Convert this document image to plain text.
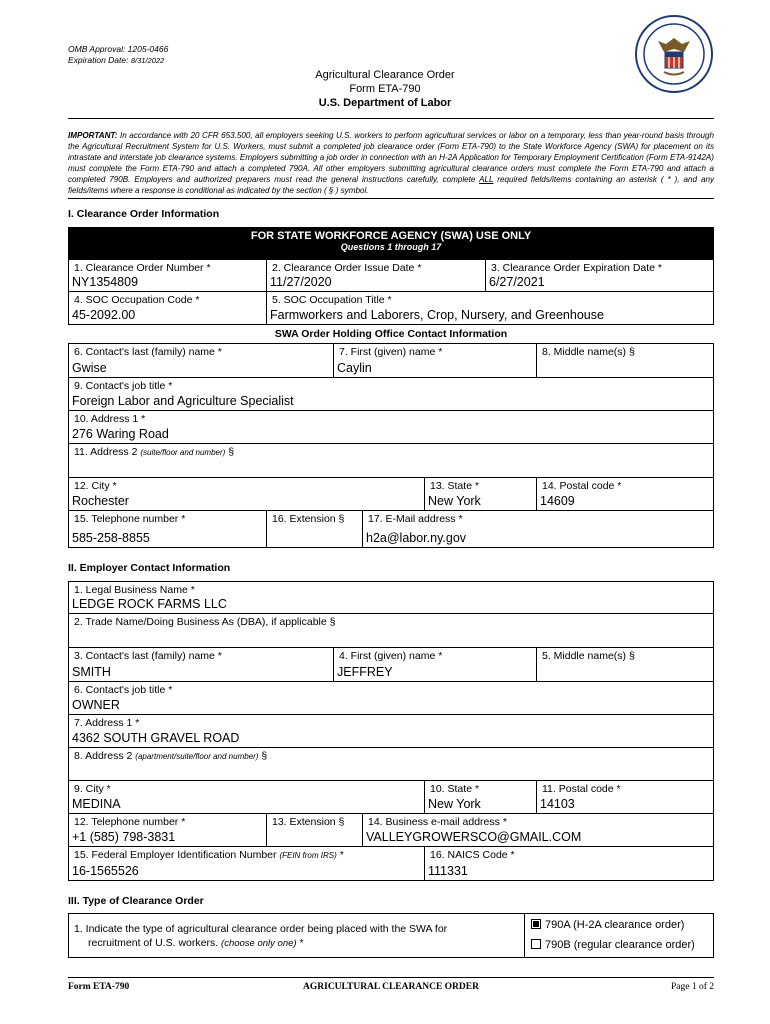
OMB Approval: 1205-0466
Expiration Date: 8/31/2022
Agricultural Clearance Order
Form ETA-790
U.S. Department of Labor
IMPORTANT: In accordance with 20 CFR 653.500, all employers seeking U.S. workers to perform agricultural services or labor on a temporary, less than year-round basis through the Agricultural Recruitment System for U.S. Workers, must submit a completed job clearance order (Form ETA-790) to the State Workforce Agency (SWA) for placement on its intrastate and interstate job clearance systems. Employers submitting a job order in connection with an H-2A Application for Temporary Employment Certification (Form ETA-9142A) must complete the Form ETA-790 and attach a completed 790A. All other employers submitting agricultural clearance orders must complete the Form ETA-790 and attach a completed 790B. Employers and authorized preparers must read the general instructions carefully, complete ALL required fields/items containing an asterisk ( * ), and any fields/items where a response is conditional as indicated by the section ( § ) symbol.
I. Clearance Order Information
FOR STATE WORKFORCE AGENCY (SWA) USE ONLY
Questions 1 through 17
1. Clearance Order Number *
NY1354809
2. Clearance Order Issue Date *
11/27/2020
3. Clearance Order Expiration Date *
6/27/2021
4. SOC Occupation Code *
45-2092.00
5. SOC Occupation Title *
Farmworkers and Laborers, Crop, Nursery, and Greenhouse
SWA Order Holding Office Contact Information
6. Contact's last (family) name *
Gwise
7. First (given) name *
Caylin
8. Middle name(s) §
9. Contact's job title *
Foreign Labor and Agriculture Specialist
10. Address 1 *
276 Waring Road
11. Address 2 (suite/floor and number) §
12. City *
Rochester
13. State *
New York
14. Postal code *
14609
15. Telephone number *
585-258-8855
16. Extension § 17. E-Mail address *
h2a@labor.ny.gov
II. Employer Contact Information
1. Legal Business Name *
LEDGE ROCK FARMS LLC
2. Trade Name/Doing Business As (DBA), if applicable §
3. Contact's last (family) name *
SMITH
4. First (given) name *
JEFFREY
5. Middle name(s) §
6. Contact's job title *
OWNER
7. Address 1 *
4362 SOUTH GRAVEL ROAD
8. Address 2 (apartment/suite/floor and number) §
9. City *
MEDINA
10. State *
New York
11. Postal code *
14103
12. Telephone number *
+1 (585) 798-3831
13. Extension § 14. Business e-mail address *
VALLEYGROWERSCO@GMAIL.COM
15. Federal Employer Identification Number (FEIN from IRS) *
16-1565526
16. NAICS Code *
111331
III. Type of Clearance Order
1. Indicate the type of agricultural clearance order being placed with the SWA for
recruitment of U.S. workers. (choose only one) *
790A (H-2A clearance order)
790B (regular clearance order)
Form ETA-790	AGRICULTURAL CLEARANCE ORDER	Page 1 of 2
